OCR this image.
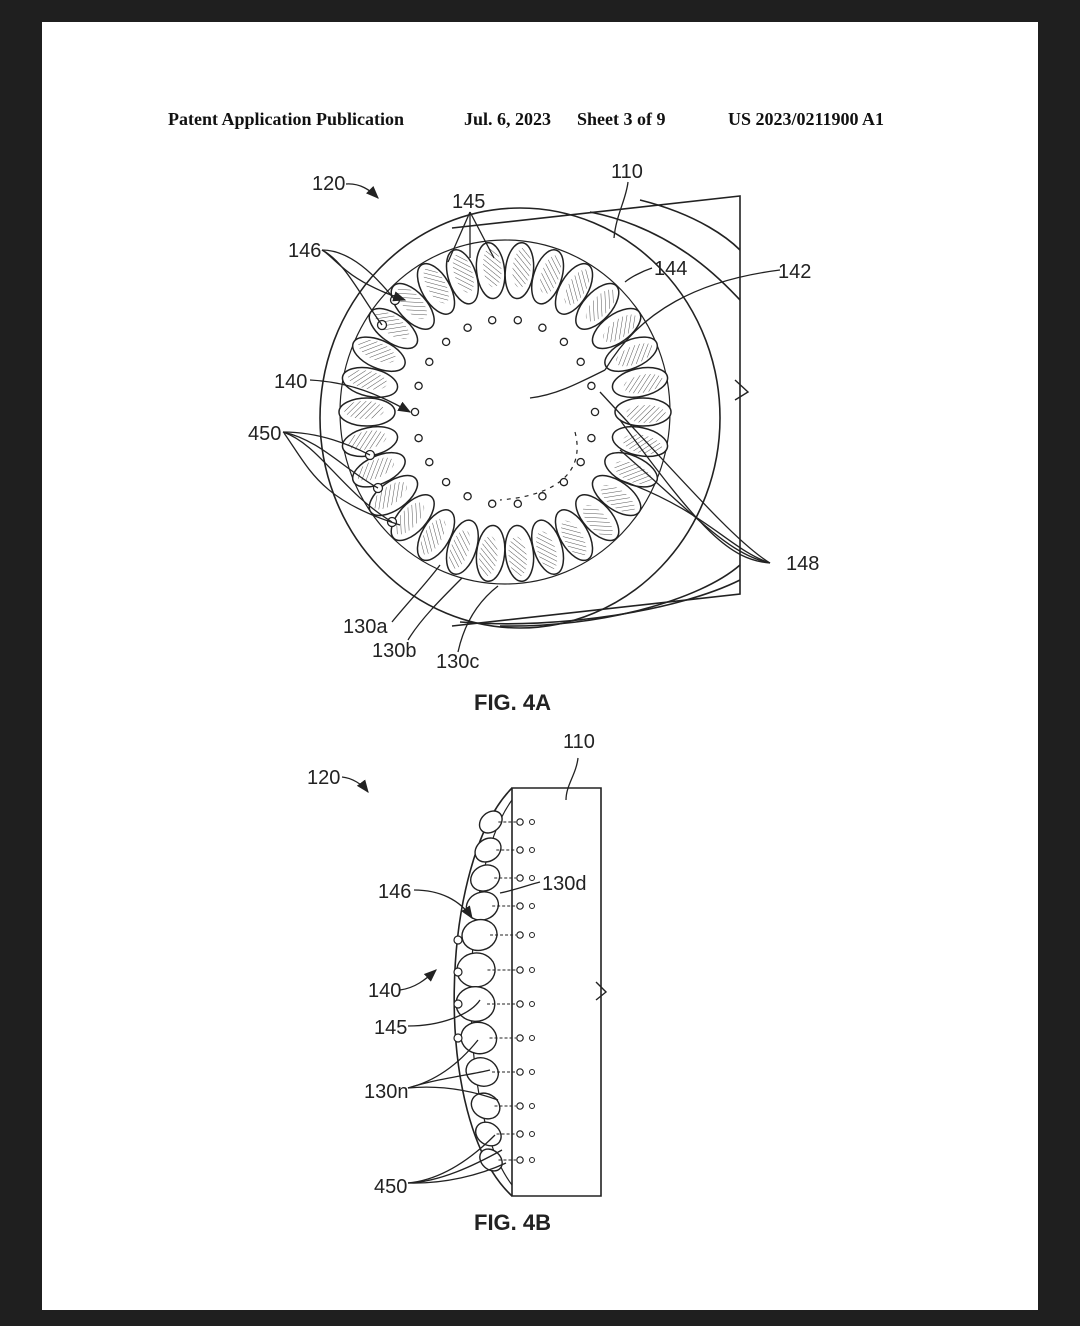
Patent Application Publication	Jul. 6, 2023 Sheet 3 of 9	US 2023/0211900 A1
120
145
110
146
144	142
140
450
148
130a
130b 130c
FIG. 4A
120
110
130d
146
140
145
130n
450
FIG. 4B
